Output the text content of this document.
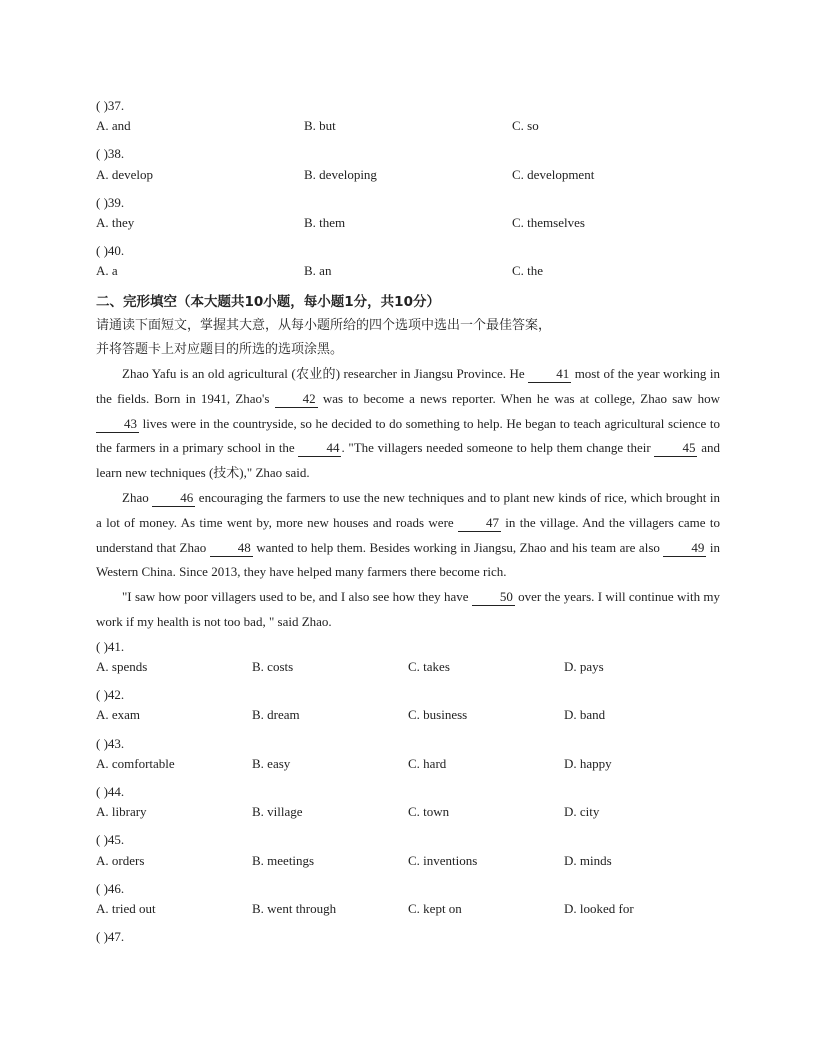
( )37.
A. and	B. but	C. so
( )38.
A. develop	B. developing	C. development
( )39.
A. they	B. them	C. themselves
( )40.
A. a	B. an	C. the
二、完形填空（本大题共10小题，每小题1分，共10分）
请通读下面短文，掌握其大意，从每小题所给的四个选项中选出一个最佳答案，
并将答题卡上对应题目的所选的选项涂黑。

Zhao Yafu is an old agricultural (农业的) researcher in Jiangsu Province. He 41 most of the year working in the fields. Born in 1941, Zhao's 42 was to become a news reporter. When he was at college, Zhao saw how 43 lives were in the countryside, so he decided to do something to help. He began to teach agricultural science to the farmers in a primary school in the 44 . "The villagers needed someone to help them change their 45 and learn new techniques (技术)," Zhao said.

Zhao 46 encouraging the farmers to use the new techniques and to plant new kinds of rice, which brought in a lot of money. As time went by, more new houses and roads were 47 in the village. And the villagers came to understand that Zhao 48 wanted to help them. Besides working in Jiangsu, Zhao and his team are also 49 in Western China. Since 2013, they have helped many farmers there become rich.

"I saw how poor villagers used to be, and I also see how they have 50 over the years. I will continue with my work if my health is not too bad, " said Zhao.

( )41.
A. spends	B. costs	C. takes	D. pays
( )42.
A. exam	B. dream	C. business	D. band
( )43.
A. comfortable	B. easy	C. hard	D. happy
( )44.
A. library	B. village	C. town	D. city
( )45.
A. orders	B. meetings	C. inventions	D. minds
( )46.
A. tried out	B. went through	C. kept on	D. looked for
( )47.
